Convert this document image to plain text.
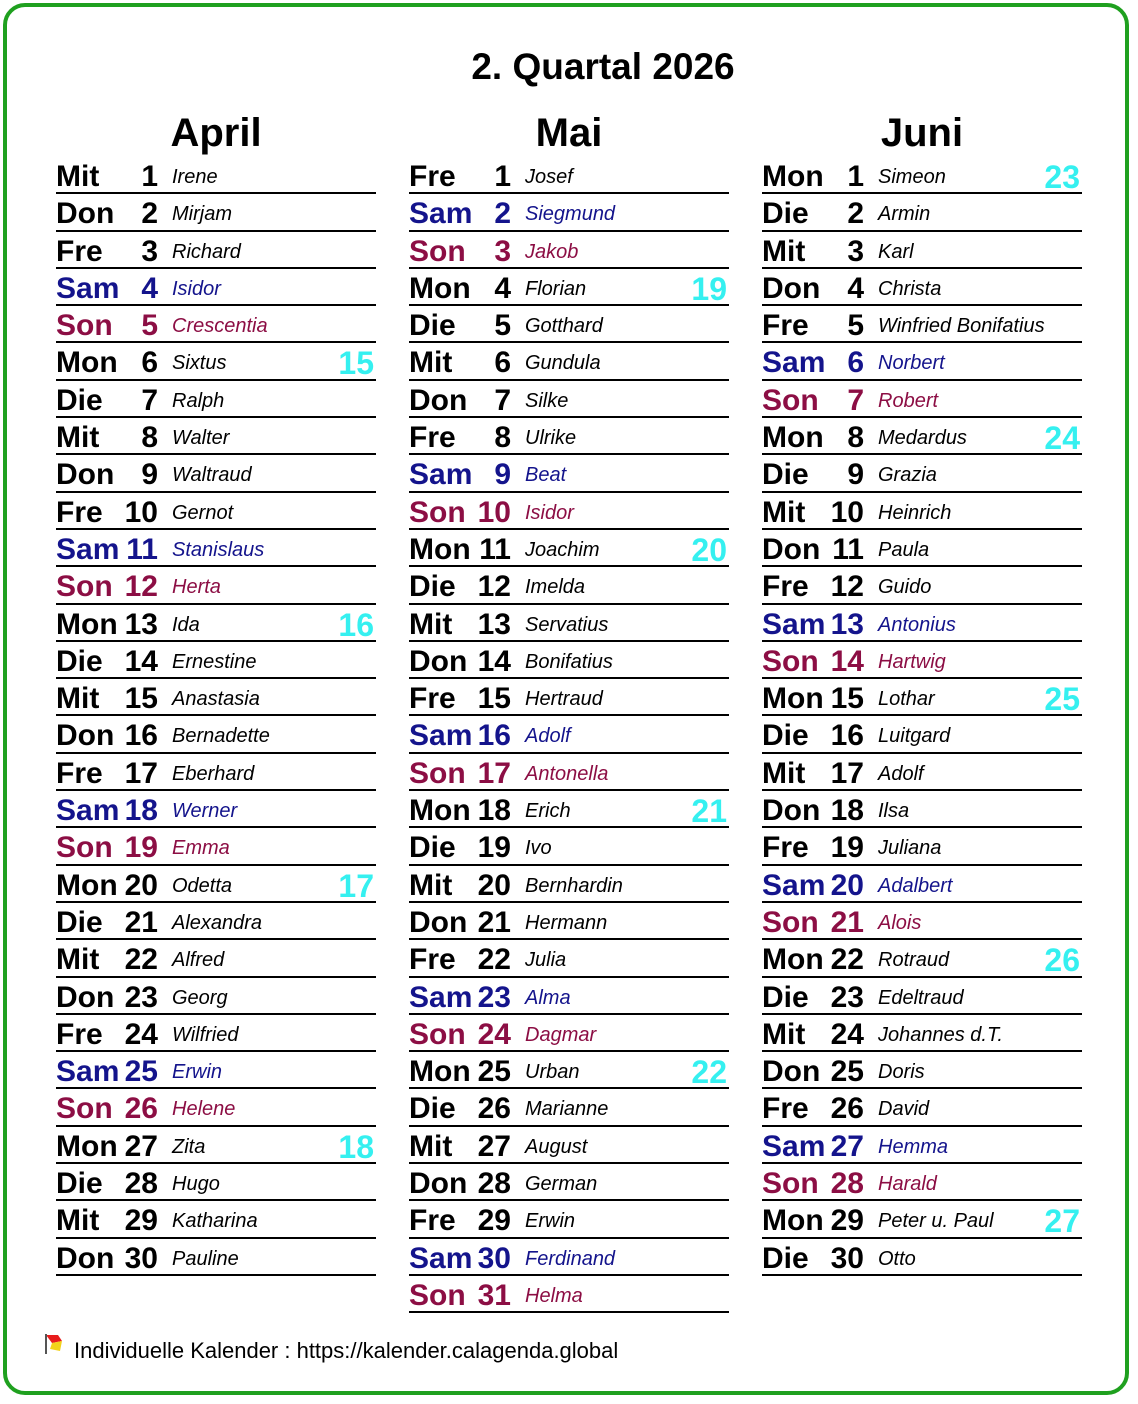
2. Quartal 2026
April
Mit	1 Irene
Don 2 Mirjam
Fre	3 Richard
Sam 4 Isidor
Son 5 Crescentia
Mon 6 Sixtus	15
Die	7 Ralph
Mit	8 Walter
Don 9 Waltraud
Fre 10 Gernot
Sam 11 Stanislaus
Son 12 Herta
Mon 13 Ida	16
Die 14 Ernestine
Mit 15 Anastasia
Don 16 Bernadette
Fre 17 Eberhard
Sam 18 Werner
Son 19 Emma
Mon 20 Odetta	17
Die 21 Alexandra
Mit 22 Alfred
Don 23 Georg
Fre 24 Wilfried
Sam 25 Erwin
Son 26 Helene
Mon 27 Zita	18
Die 28 Hugo
Mit 29 Katharina
Don 30 Pauline
Mai
Fre	1 Josef
Sam 2 Siegmund
Son 3 Jakob
Mon 4 Florian	19
Die	5 Gotthard
Mit	6 Gundula
Don 7 Silke
Fre	8 Ulrike
Sam 9 Beat
Son 10 Isidor
Mon 11 Joachim	20
Die 12 Imelda
Mit 13 Servatius
Don 14 Bonifatius
Fre 15 Hertraud
Sam 16 Adolf
Son 17 Antonella
Mon 18 Erich	21
Die 19 Ivo
Mit 20 Bernhardin
Don 21 Hermann
Fre 22 Julia
Sam 23 Alma
Son 24 Dagmar
Mon 25 Urban	22
Die 26 Marianne
Mit 27 August
Don 28 German
Fre 29 Erwin
Sam 30 Ferdinand
Son 31 Helma
Juni
Mon 1 Simeon	23
Die	2 Armin
Mit	3 Karl
Don 4 Christa
Fre	5 Winfried Bonifatius
Sam 6 Norbert
Son 7 Robert
Mon 8 Medardus 24
Die	9 Grazia
Mit 10 Heinrich
Don 11 Paula
Fre 12 Guido
Sam 13 Antonius
Son 14 Hartwig
Mon 15 Lothar	25
Die 16 Luitgard
Mit 17 Adolf
Don 18 Ilsa
Fre 19 Juliana
Sam 20 Adalbert
Son 21 Alois
Mon 22 Rotraud	26
Die 23 Edeltraud
Mit 24 Johannes d.T.
Don 25 Doris
Fre 26 David
Sam 27 Hemma
Son 28 Harald
Mon 29 Peter u. Paul 27
Die 30 Otto
Individuelle Kalender : https://kalender.calagenda.global
